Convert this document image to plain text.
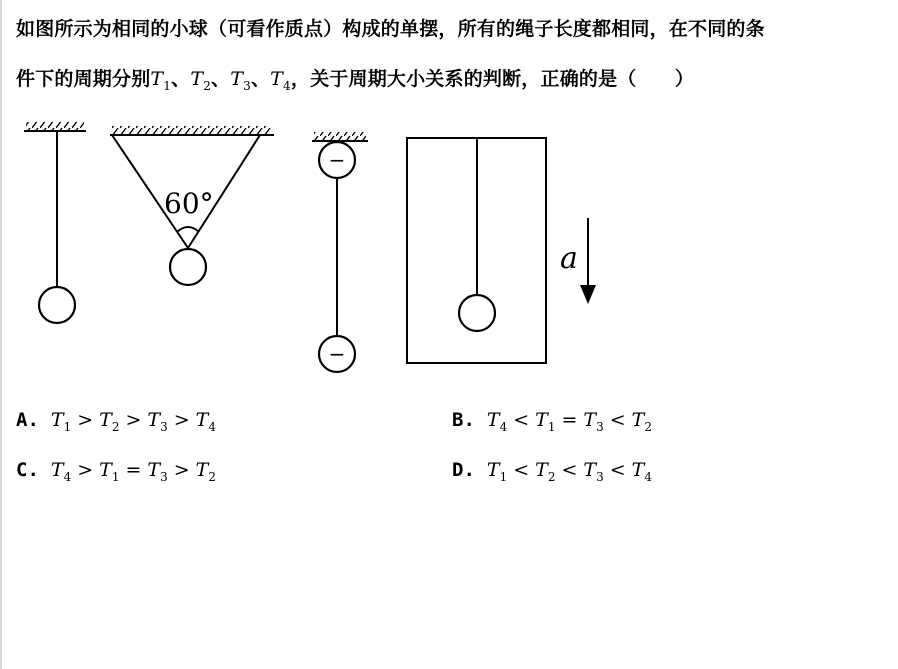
如图所示为相同的小球（可看作质点）构成的单摆，所有的绳子长度都相同，在不同的条
件下的周期分别$T_1$、$T_2$、$T_3$、$T_4$，关于周期大小关系的判断，正确的是（　　）
60°
−
−
a
A. $T_1 > T_2 > T_3 > T_4$	B. $T_4 < T_1 = T_3 < T_2$
C. $T_4 > T_1 = T_3 > T_2$	D. $T_1 < T_2 < T_3 < T_4$
